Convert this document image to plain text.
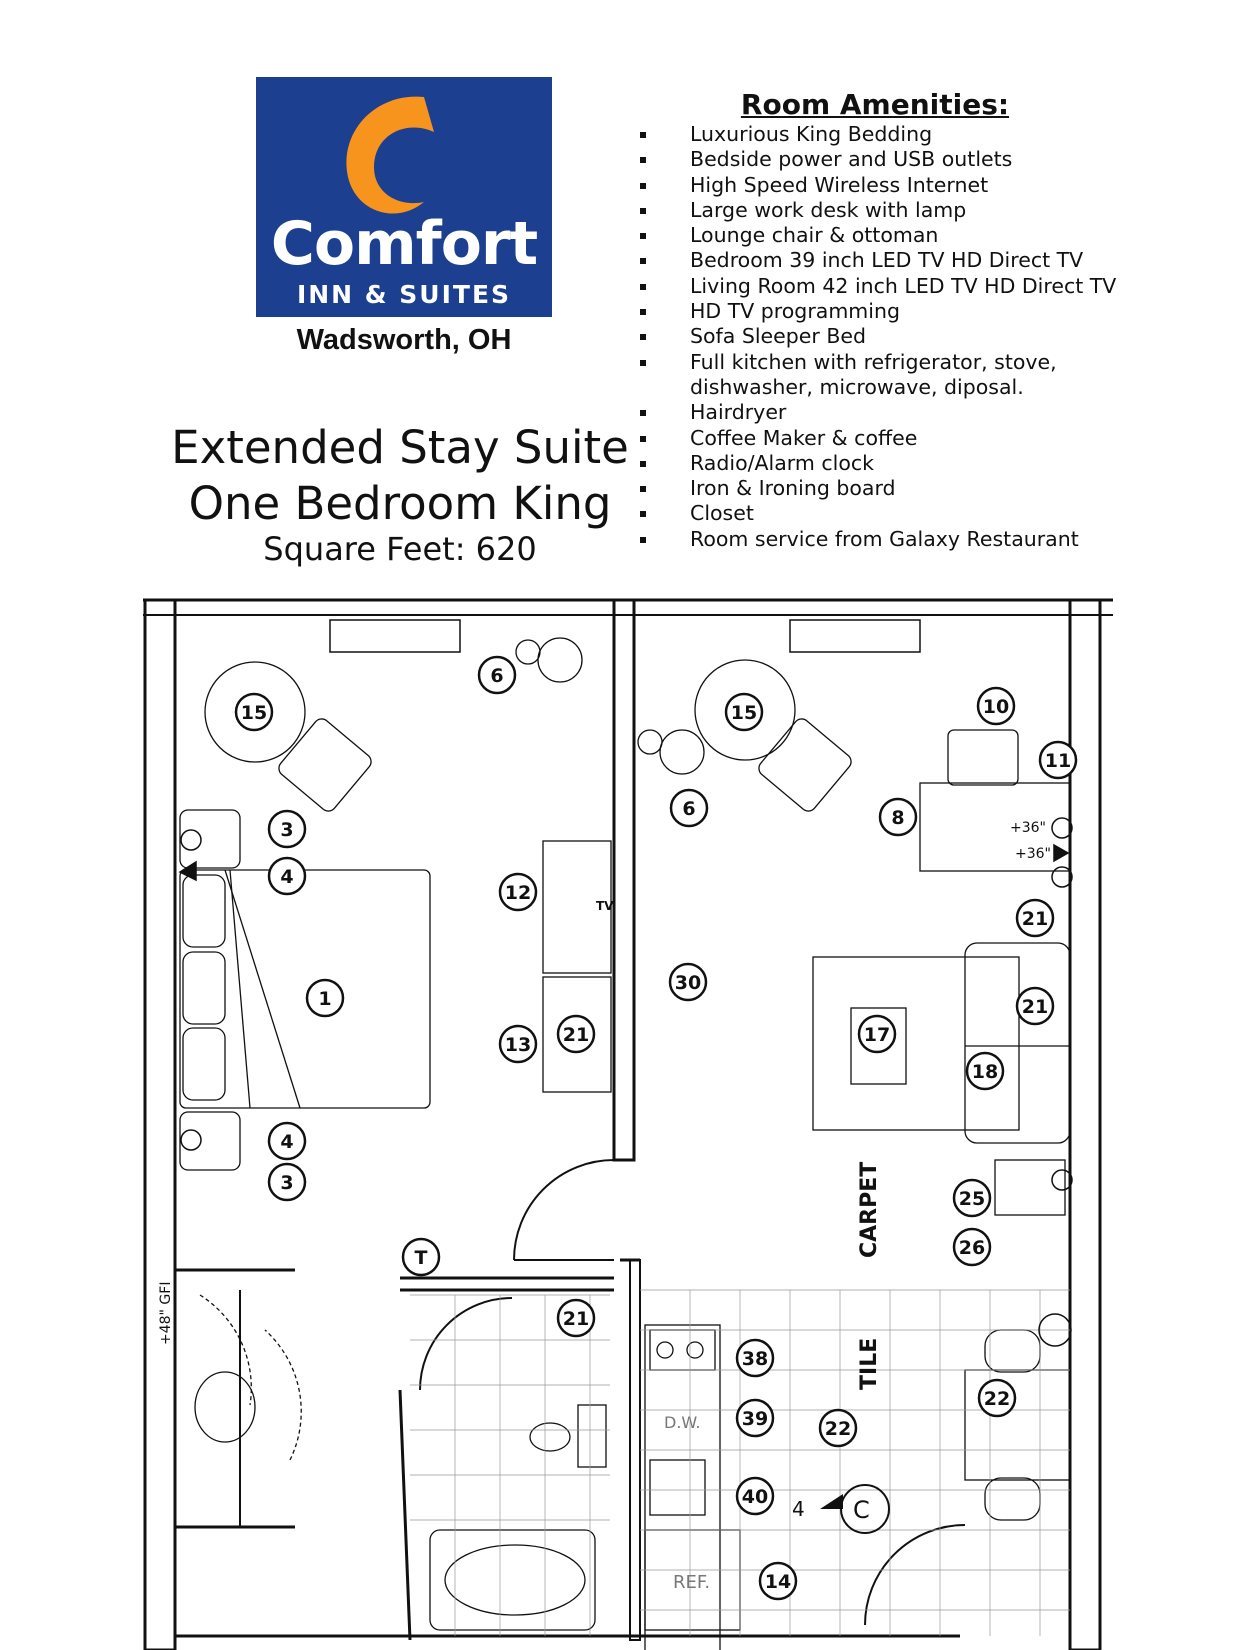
Comfort
INN & SUITES
Wadsworth, OH
Extended Stay Suite
One Bedroom King
Square Feet: 620
Room Amenities:
Luxurious King Bedding
Bedside power and USB outlets
High Speed Wireless Internet
Large work desk with lamp
Lounge chair & ottoman
Bedroom 39 inch LED TV HD Direct TV
Living Room 42 inch LED TV HD Direct TV
HD TV programming
Sofa Sleeper Bed
Full kitchen with refrigerator, stove,
dishwasher, microwave, diposal.
Hairdryer
Coffee Maker & coffee
Radio/Alarm clock
Iron & Ironing board
Closet
Room service from Galaxy Restaurant
15
6
3
4
1
12
13 21
30
4
3
21
15	10
11
6	8
21
21
17
18
25
26
22
38
39
40
14
22
T	CARPET
TILE
D.W.
REF.
TV
+48" GFI
+36"
+36"
4 C
